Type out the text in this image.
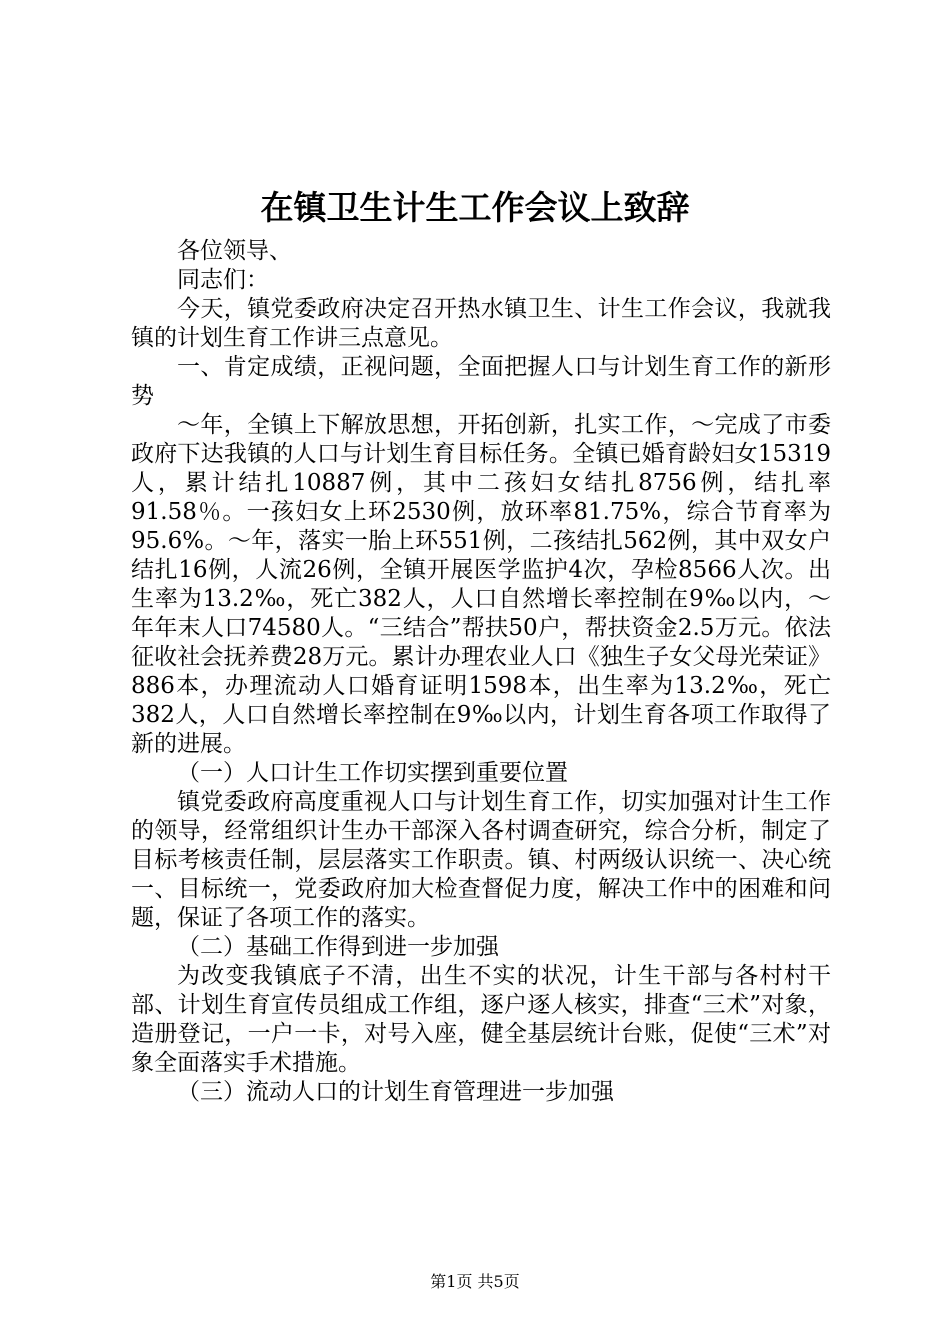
在镇卫生计生工作会议上致辞

各位领导、

同志们：

今天，镇党委政府决定召开热水镇卫生、计生工作会议，我就我镇的计划生育工作讲三点意见。

一、肯定成绩，正视问题，全面把握人口与计划生育工作的新形势

～年，全镇上下解放思想，开拓创新，扎实工作，～完成了市委政府下达我镇的人口与计划生育目标任务。全镇已婚育龄妇女15319人，累计结扎10887例，其中二孩妇女结扎8756例，结扎率91.58％。一孩妇女上环2530例，放环率81.75%，综合节育率为95.6%。～年，落实一胎上环551例，二孩结扎562例，其中双女户结扎16例，人流26例，全镇开展医学监护4次，孕检8566人次。出生率为13.2‰，死亡382人，人口自然增长率控制在9‰以内，～年年末人口74580人。“三结合”帮扶50户，帮扶资金2.5万元。依法征收社会抚养费28万元。累计办理农业人口《独生子女父母光荣证》886本，办理流动人口婚育证明1598本，出生率为13.2‰，死亡382人，人口自然增长率控制在9‰以内，计划生育各项工作取得了新的进展。

（一）人口计生工作切实摆到重要位置

镇党委政府高度重视人口与计划生育工作，切实加强对计生工作的领导，经常组织计生办干部深入各村调查研究，综合分析，制定了目标考核责任制，层层落实工作职责。镇、村两级认识统一、决心统一、目标统一，党委政府加大检查督促力度，解决工作中的困难和问题，保证了各项工作的落实。

（二）基础工作得到进一步加强

为改变我镇底子不清，出生不实的状况，计生干部与各村村干部、计划生育宣传员组成工作组，逐户逐人核实，排查“三术”对象，造册登记，一户一卡，对号入座，健全基层统计台账，促使“三术”对象全面落实手术措施。

（三）流动人口的计划生育管理进一步加强

第1页 共5页
